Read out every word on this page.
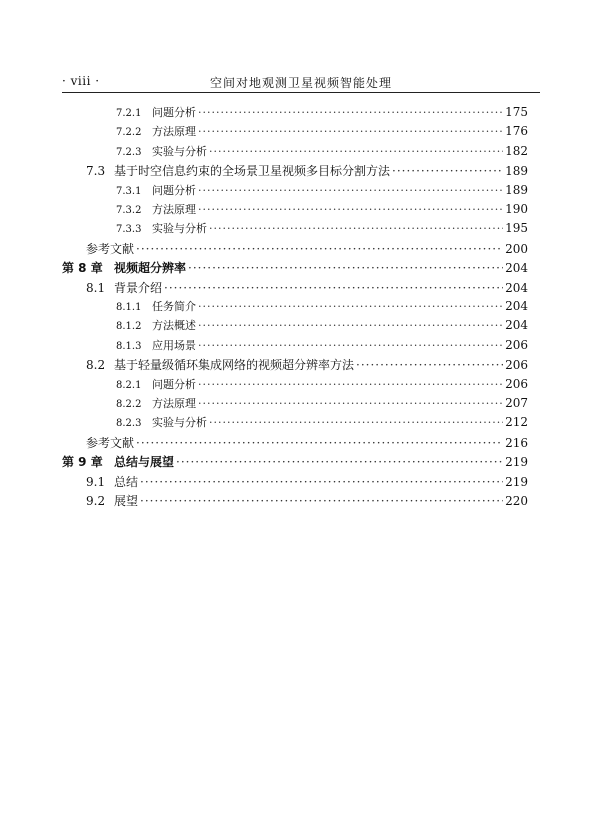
· viii ·	空间对地观测卫星视频智能处理
7.2.1 问题分析 ·····	175
7.2.2 方法原理 ·····	176
7.2.3 实验与分析 ·····	182
7.3 基于时空信息约束的全场景卫星视频多目标分割方法 ·····	189
7.3.1 问题分析 ·····	189
7.3.2 方法原理 ·····	190
7.3.3 实验与分析 ·····	195
参考文献 ·····	200
第 8 章 视频超分辨率 ·····	204
8.1 背景介绍 ·····	204
8.1.1 任务简介 ·····	204
8.1.2 方法概述 ·····	204
8.1.3 应用场景 ·····	206
8.2 基于轻量级循环集成网络的视频超分辨率方法 ·····	206
8.2.1 问题分析 ·····	206
8.2.2 方法原理 ·····	207
8.2.3 实验与分析 ·····	212
参考文献 ·····	216
第 9 章 总结与展望 ·····	219
9.1 总结 ·····	219
9.2 展望 ·····	220
